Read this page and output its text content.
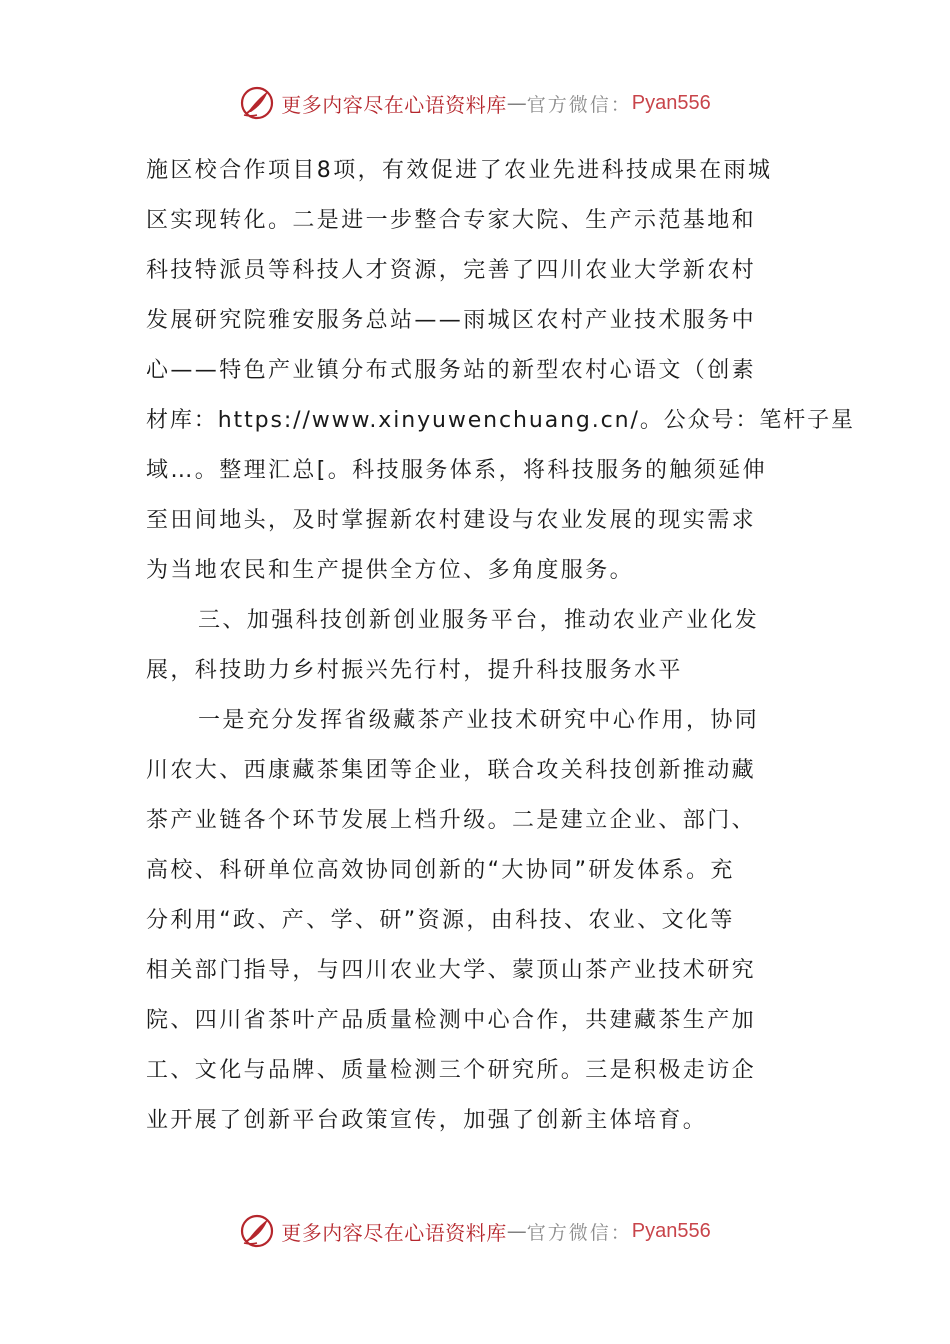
更多内容尽在心语资料库 — 官方微信： Pyan556
施区校合作项目8项，有效促进了农业先进科技成果在雨城
区实现转化。二是进一步整合专家大院、生产示范基地和
科技特派员等科技人才资源，完善了四川农业大学新农村
发展研究院雅安服务总站——雨城区农村产业技术服务中
心——特色产业镇分布式服务站的新型农村心语文（创素
材库：https://www.xinyuwenchuang.cn/。公众号：笔杆子星
域…。整理汇总[。科技服务体系，将科技服务的触须延伸
至田间地头，及时掌握新农村建设与农业发展的现实需求
为当地农民和生产提供全方位、多角度服务。
三、加强科技创新创业服务平台，推动农业产业化发
展，科技助力乡村振兴先行村，提升科技服务水平
一是充分发挥省级藏茶产业技术研究中心作用，协同
川农大、西康藏茶集团等企业，联合攻关科技创新推动藏
茶产业链各个环节发展上档升级。二是建立企业、部门、
高校、科研单位高效协同创新的“大协同”研发体系。充
分利用“政、产、学、研”资源，由科技、农业、文化等
相关部门指导，与四川农业大学、蒙顶山茶产业技术研究
院、四川省茶叶产品质量检测中心合作，共建藏茶生产加
工、文化与品牌、质量检测三个研究所。三是积极走访企
业开展了创新平台政策宣传，加强了创新主体培育。
更多内容尽在心语资料库 — 官方微信： Pyan556
